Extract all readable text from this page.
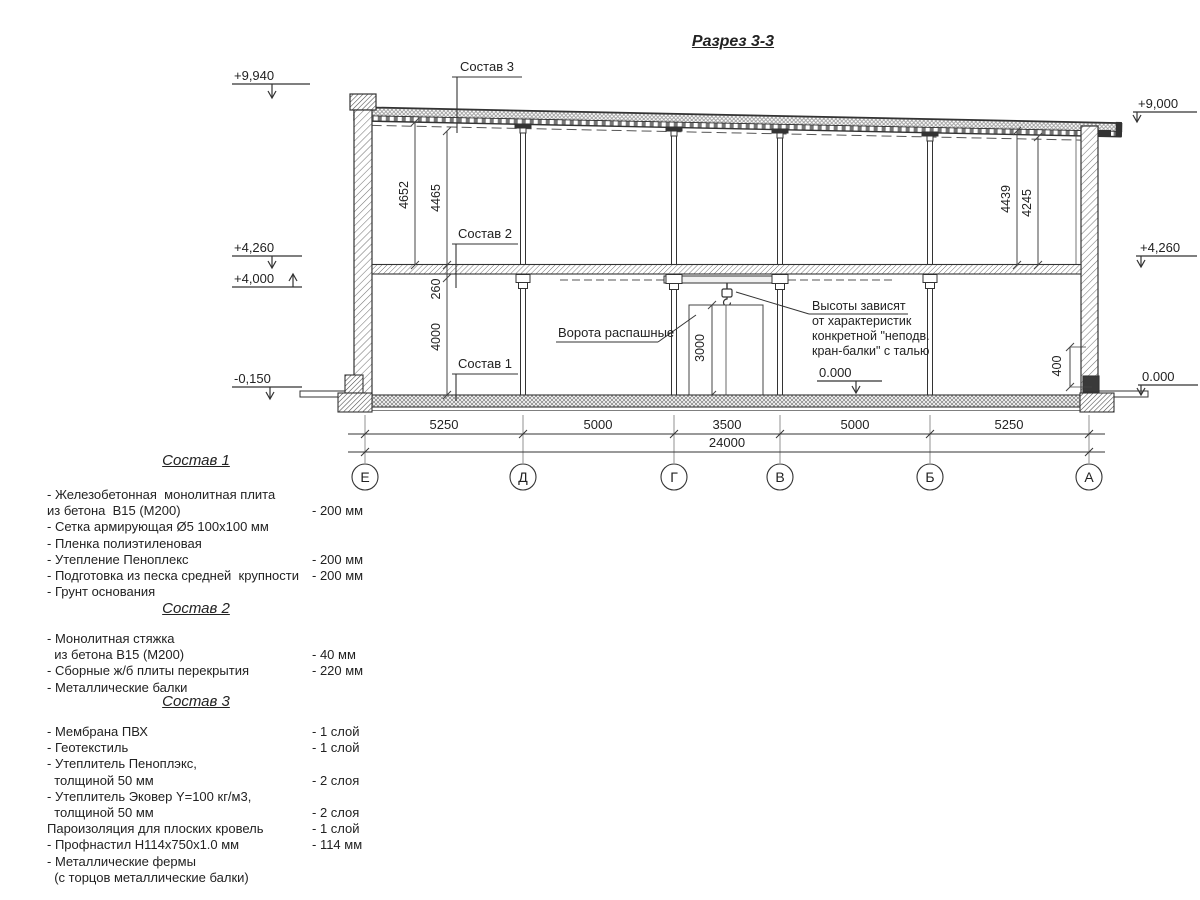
Разрез 3-3
3000
5250	5000	3500	5000	5250
24000
Е	Д	Г	В	Б	А
4652 4465
260
4000
4439 4245
400
+9,940
+9,000
+4,260
+4,000
-0,150	0.000
+4,260
0.000
Состав 3
Состав 2
Состав 1
Ворота распашные
Высоты зависят
от характеристик
конкретной "неподв.
кран-балки" с талью
Состав 1
- Железобетонная  монолитная плита
из бетона  В15 (М200)	- 200 мм
- Сетка армирующая Ø5 100х100 мм
- Пленка полиэтиленовая
- Утепление Пеноплекс	- 200 мм
- Подготовка из песка средней  крупности - 200 мм
- Грунт основания
Состав 2
- Монолитная стяжка
из бетона В15 (М200)	- 40 мм
- Сборные ж/б плиты перекрытия	- 220 мм
- Металлические балки
Состав 3
- Мембрана ПВХ	- 1 слой
- Геотекстиль	- 1 слой
- Утеплитель Пеноплэкс,
толщиной 50 мм	- 2 слоя
- Утеплитель Эковер Y=100 кг/м3,
толщиной 50 мм	- 2 слоя
Пароизоляция для плоских кровель	- 1 слой
- Профнастил Н114х750х1.0 мм	- 114 мм
- Металлические фермы
(с торцов металлические балки)
